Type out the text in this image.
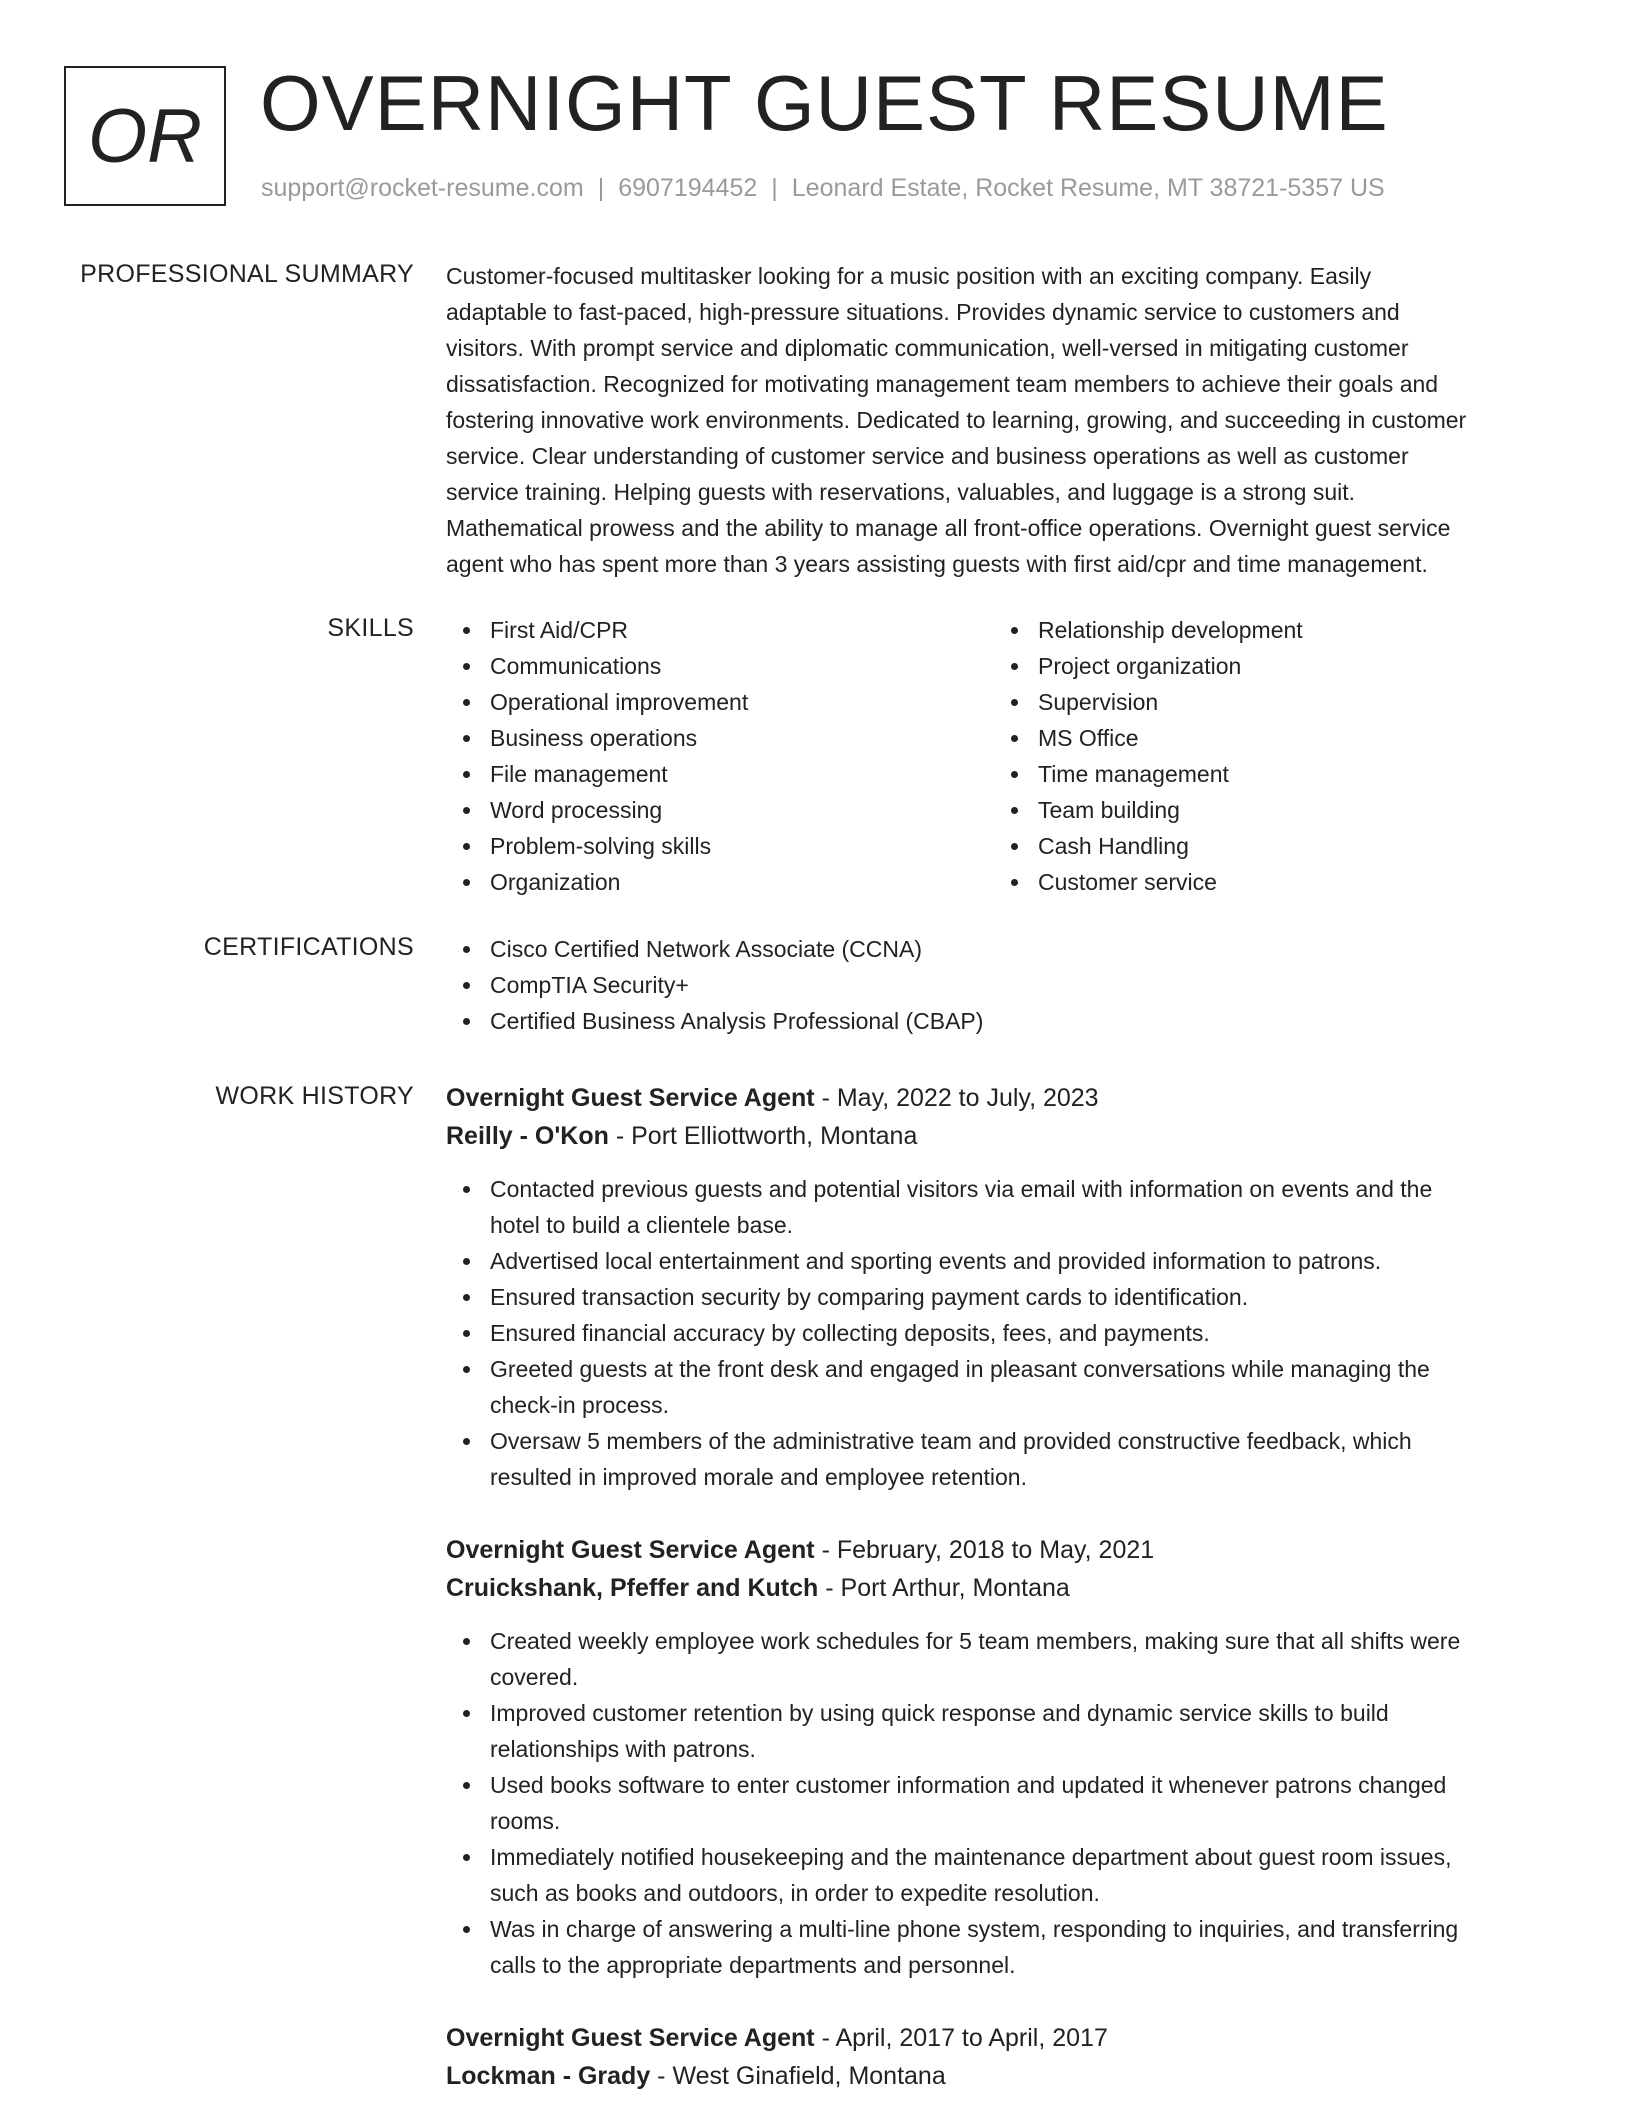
OR OVERNIGHT GUEST RESUME
support@rocket-resume.com | 6907194452 | Leonard Estate, Rocket Resume, MT 38721-5357 US
PROFESSIONAL SUMMARY Customer-focused multitasker looking for a music position with an exciting company. Easily
adaptable to fast-paced, high-pressure situations. Provides dynamic service to customers and
visitors. With prompt service and diplomatic communication, well-versed in mitigating customer
dissatisfaction. Recognized for motivating management team members to achieve their goals and
fostering innovative work environments. Dedicated to learning, growing, and succeeding in customer
service. Clear understanding of customer service and business operations as well as customer
service training. Helping guests with reservations, valuables, and luggage is a strong suit.
Mathematical prowess and the ability to manage all front-office operations. Overnight guest service
agent who has spent more than 3 years assisting guests with first aid/cpr and time management.

SKILLS	First Aid/CPR
Communications
Operational improvement
Business operations
File management
Word processing
Problem-solving skills
Organization
Relationship development
Project organization
Supervision
MS Office
Time management
Team building
Cash Handling
Customer service
CERTIFICATIONS	Cisco Certified Network Associate (CCNA)
CompTIA Security+
Certified Business Analysis Professional (CBAP)
WORK HISTORY Overnight Guest Service Agent - May, 2022 to July, 2023
Reilly - O'Kon - Port Elliottworth, Montana
Contacted previous guests and potential visitors via email with information on events and the
hotel to build a clientele base.
Advertised local entertainment and sporting events and provided information to patrons.
Ensured transaction security by comparing payment cards to identification.
Ensured financial accuracy by collecting deposits, fees, and payments.
Greeted guests at the front desk and engaged in pleasant conversations while managing the
check-in process.
Oversaw 5 members of the administrative team and provided constructive feedback, which
resulted in improved morale and employee retention.
Overnight Guest Service Agent - February, 2018 to May, 2021
Cruickshank, Pfeffer and Kutch - Port Arthur, Montana
Created weekly employee work schedules for 5 team members, making sure that all shifts were
covered.
Improved customer retention by using quick response and dynamic service skills to build
relationships with patrons.
Used books software to enter customer information and updated it whenever patrons changed
rooms.
Immediately notified housekeeping and the maintenance department about guest room issues,
such as books and outdoors, in order to expedite resolution.
Was in charge of answering a multi-line phone system, responding to inquiries, and transferring
calls to the appropriate departments and personnel.
Overnight Guest Service Agent - April, 2017 to April, 2017
Lockman - Grady - West Ginafield, Montana
